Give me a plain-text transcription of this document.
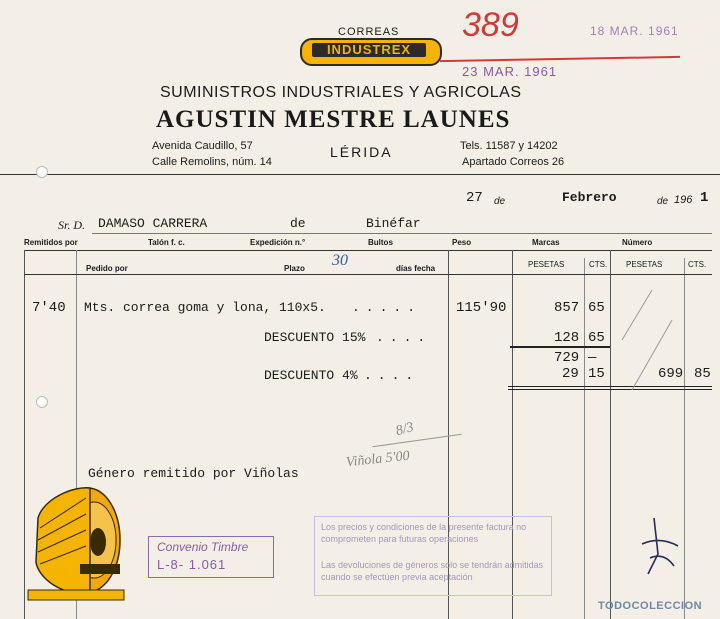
CORREAS
INDUSTREX
389	18 MAR. 1961
23 MAR. 1961
SUMINISTROS INDUSTRIALES Y AGRICOLAS
AGUSTIN MESTRE LAUNES
Avenida Caudillo, 57
Calle Remolins, núm. 14
LÉRIDA	Tels. 11587 y 14202
Apartado Correos 26
27 de	Febrero	de 196 1
Sr. D. DAMASO CARRERA	de	Binéfar
Remitidos por	Talón f. c.	Expedición n.°	Bultos	Peso	Marcas	Número
Pedido por	Plazo 30	días fecha	PESETAS	CTS. PESETAS	CTS.
7'40 Mts. correa goma y lona, 110x5. ..... 115'90	857 65
DESCUENTO 15% ....	128 65
729 —
DESCUENTO 4% ....	29 15	699 85
8/3
Viñola 5'00
Género remitido por Viñolas
Convenio Timbre
L-8- 1.061
Los precios y condiciones de la presente factura no comprometen para futuras operaciones
Las devoluciones de géneros solo se tendrán admitidas cuando se efectúen previa aceptación
TODOCOLECCION
